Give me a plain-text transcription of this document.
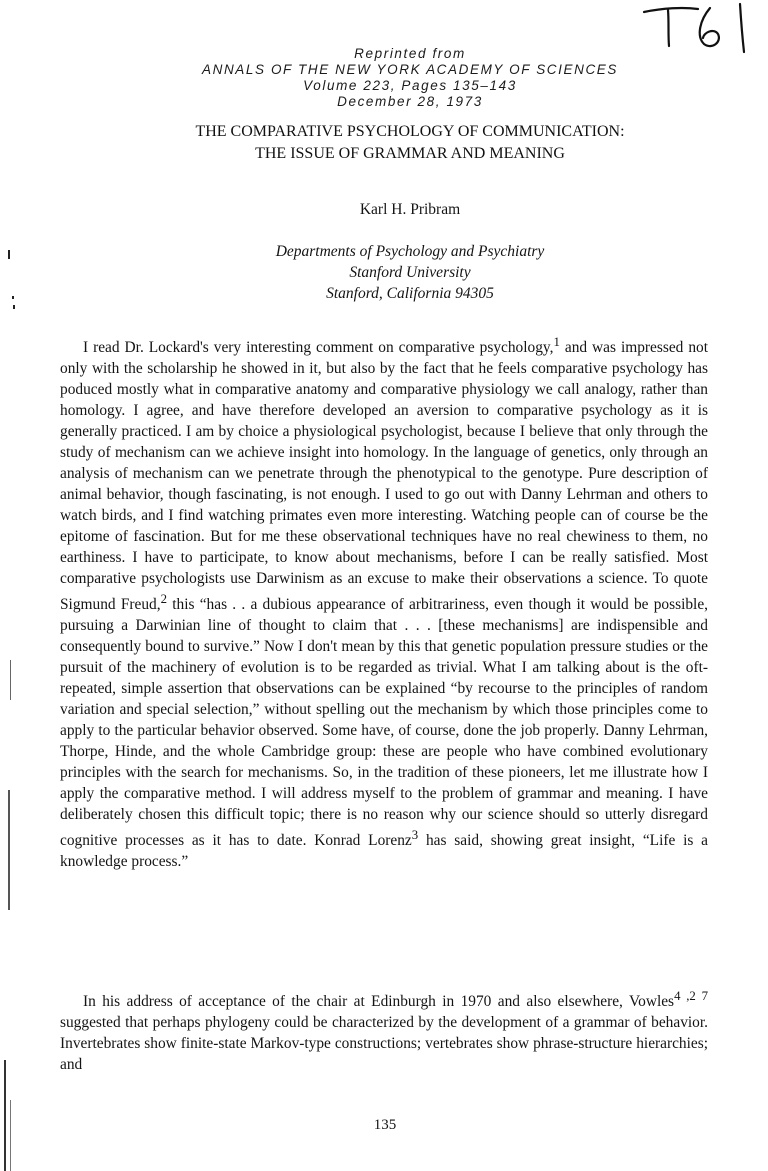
Reprinted from
ANNALS OF THE NEW YORK ACADEMY OF SCIENCES
Volume 223, Pages 135–143
December 28, 1973
THE COMPARATIVE PSYCHOLOGY OF COMMUNICATION:
THE ISSUE OF GRAMMAR AND MEANING
Karl H. Pribram
Departments of Psychology and Psychiatry
Stanford University
Stanford, California 94305

I read Dr. Lockard's very interesting comment on comparative psychology,$^1$ and was impressed not only with the scholarship he showed in it, but also by the fact that he feels comparative psychology has poduced mostly what in comparative anatomy and comparative physiology we call analogy, rather than homology. I agree, and have therefore developed an aversion to comparative psychology as it is generally practiced. I am by choice a physiological psychologist, because I believe that only through the study of mechanism can we achieve insight into homology. In the language of genetics, only through an analysis of mechanism can we penetrate through the phenotypical to the genotype. Pure description of animal behavior, though fascinating, is not enough. I used to go out with Danny Lehrman and others to watch birds, and I find watching primates even more interesting. Watching people can of course be the epitome of fascination. But for me these observational techniques have no real chewiness to them, no earthiness. I have to participate, to know about mechanisms, before I can be really satisfied. Most comparative psychologists use Darwinism as an excuse to make their observations a science. To quote Sigmund Freud,$^2$ this “has . . a dubious appearance of arbitrariness, even though it would be possible, pursuing a Darwinian line of thought to claim that . . . [these mechanisms] are indispensible and consequently bound to survive.” Now I don't mean by this that genetic population pressure studies or the pursuit of the machinery of evolution is to be regarded as trivial. What I am talking about is the oft-repeated, simple assertion that observations can be explained “by recourse to the principles of random variation and special selection,” without spelling out the mechanism by which those principles come to apply to the particular behavior observed. Some have, of course, done the job properly. Danny Lehrman, Thorpe, Hinde, and the whole Cambridge group: these are people who have combined evolutionary principles with the search for mechanisms. So, in the tradition of these pioneers, let me illustrate how I apply the comparative method. I will address myself to the problem of grammar and meaning. I have deliberately chosen this difficult topic; there is no reason why our science should so utterly disregard cognitive processes as it has to date. Konrad Lorenz$^3$ has said, showing great insight, “Life is a knowledge process.”

In his address of acceptance of the chair at Edinburgh in 1970 and also elsewhere, Vowles$^{4 ,2 7}$ suggested that perhaps phylogeny could be characterized by the development of a grammar of behavior. Invertebrates show finite-state Markov-type constructions; vertebrates show phrase-structure hierarchies; and

135
